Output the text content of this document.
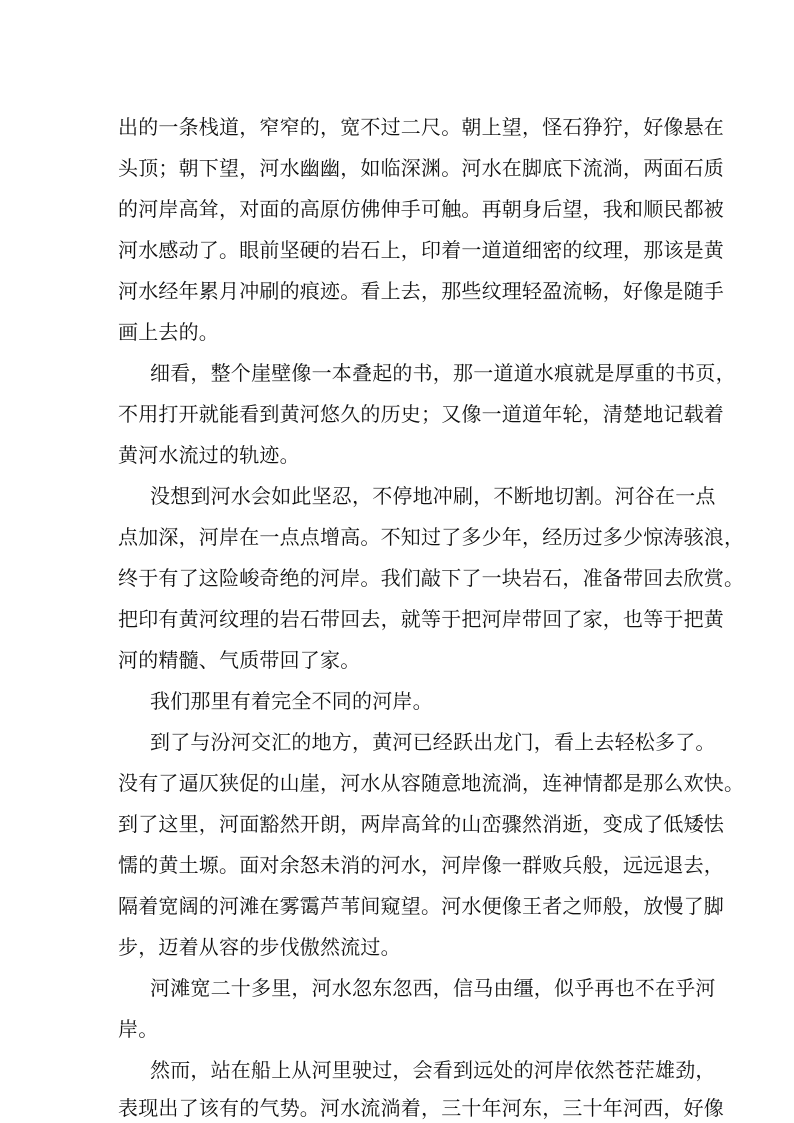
出的一条栈道，窄窄的，宽不过二尺。朝上望，怪石狰狞，好像悬在
头顶；朝下望，河水幽幽，如临深渊。河水在脚底下流淌，两面石质
的河岸高耸，对面的高原仿佛伸手可触。再朝身后望，我和顺民都被
河水感动了。眼前坚硬的岩石上，印着一道道细密的纹理，那该是黄
河水经年累月冲刷的痕迹。看上去，那些纹理轻盈流畅，好像是随手
画上去的。
细看，整个崖壁像一本叠起的书，那一道道水痕就是厚重的书页，
不用打开就能看到黄河悠久的历史；又像一道道年轮，清楚地记载着
黄河水流过的轨迹。
没想到河水会如此坚忍，不停地冲刷，不断地切割。河谷在一点
点加深，河岸在一点点增高。不知过了多少年，经历过多少惊涛骇浪，
终于有了这险峻奇绝的河岸。我们敲下了一块岩石，准备带回去欣赏。
把印有黄河纹理的岩石带回去，就等于把河岸带回了家，也等于把黄
河的精髓、气质带回了家。
我们那里有着完全不同的河岸。
到了与汾河交汇的地方，黄河已经跃出龙门，看上去轻松多了。
没有了逼仄狭促的山崖，河水从容随意地流淌，连神情都是那么欢快。
到了这里，河面豁然开朗，两岸高耸的山峦骤然消逝，变成了低矮怯
懦的黄土塬。面对余怒未消的河水，河岸像一群败兵般，远远退去，
隔着宽阔的河滩在雾霭芦苇间窥望。河水便像王者之师般，放慢了脚
步，迈着从容的步伐傲然流过。
河滩宽二十多里，河水忽东忽西，信马由缰，似乎再也不在乎河
岸。
然而，站在船上从河里驶过，会看到远处的河岸依然苍茫雄劲，
表现出了该有的气势。河水流淌着，三十年河东，三十年河西，好像
